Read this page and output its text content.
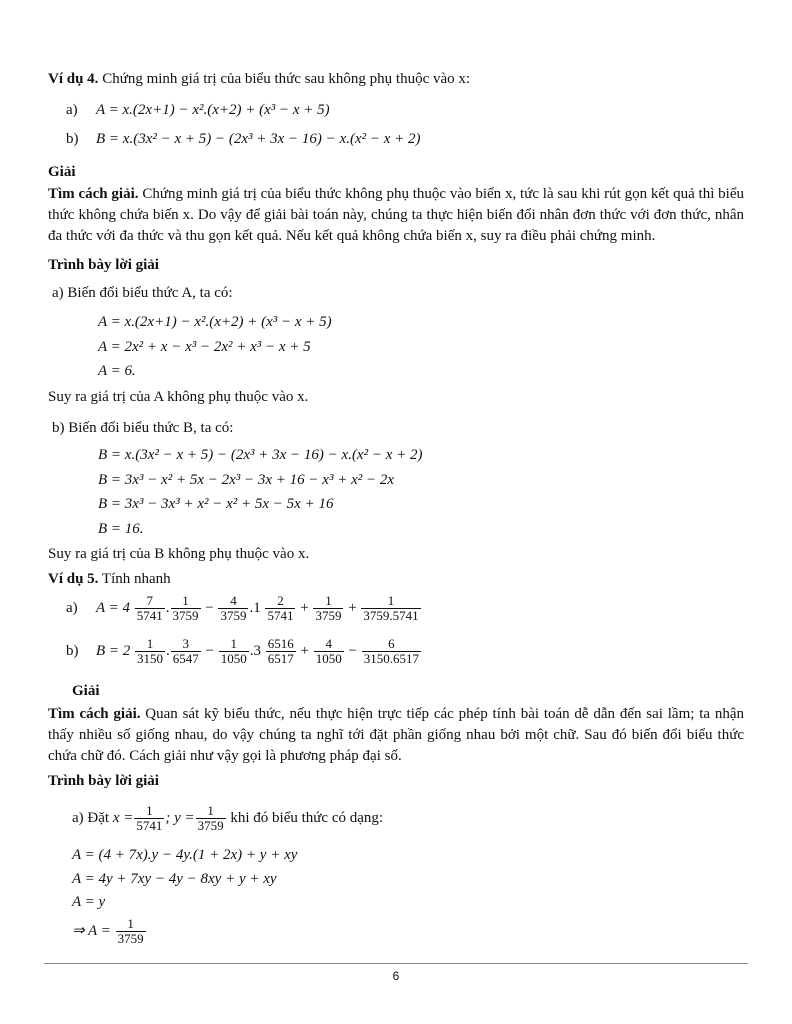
Ví dụ 4. Chứng minh giá trị của biểu thức sau không phụ thuộc vào x:
a) A = x.(2x+1) − x².(x+2) + (x³ − x + 5)
b) B = x.(3x² − x + 5) − (2x³ + 3x − 16) − x.(x² − x + 2)
Giải
Tìm cách giải. Chứng minh giá trị của biểu thức không phụ thuộc vào biến x, tức là sau khi rút gọn kết quả thì biểu thức không chứa biến x. Do vậy để giải bài toán này, chúng ta thực hiện biến đổi nhân đơn thức với đơn thức, nhân đa thức với đa thức và thu gọn kết quả. Nếu kết quả không chứa biến x, suy ra điều phải chứng minh.
Trình bày lời giải
a) Biến đổi biểu thức A, ta có:
A = x.(2x+1) − x².(x+2) + (x³ − x + 5)
A = 2x² + x − x³ − 2x² + x³ − x + 5
A = 6.
Suy ra giá trị của A không phụ thuộc vào x.
b) Biến đổi biểu thức B, ta có:
B = x.(3x² − x + 5) − (2x³ + 3x − 16) − x.(x² − x + 2)
B = 3x³ − x² + 5x − 2x³ − 3x + 16 − x³ + x² − 2x
B = 3x³ − 3x³ + x² − x² + 5x − 5x + 16
B = 16.
Suy ra giá trị của B không phụ thuộc vào x.
Ví dụ 5. Tính nhanh
a) $A = 4 \frac{7}{5741}$ . $\frac{1}{3759} - \frac{4}{3759} .1 \frac{2}{5741} + \frac{1}{3759} + \frac{1}{3759.5741}$
b) $B = 2 \frac{1}{3150}$ . $\frac{3}{6547} - \frac{1}{1050} .3 \frac{6516}{6517} + \frac{4}{1050} - \frac{6}{3150.6517}$
Giải
Tìm cách giải. Quan sát kỹ biểu thức, nếu thực hiện trực tiếp các phép tính bài toán dễ dẫn đến sai lầm; ta nhận thấy nhiều số giống nhau, do vậy chúng ta nghĩ tới đặt phần giống nhau bởi một chữ. Sau đó biến đổi biểu thức chứa chữ đó. Cách giải như vậy gọi là phương pháp đại số.
Trình bày lời giải
a) Đặt $x = \frac{1}{5741}$ ; $y = \frac{1}{3759}$ khi đó biểu thức có dạng:
A = (4 + 7x).y − 4y.(1 + 2x) + y + xy
A = 4y + 7xy − 4y − 8xy + y + xy
A = y
⇒ $A = \frac{1}{3759}$
6
